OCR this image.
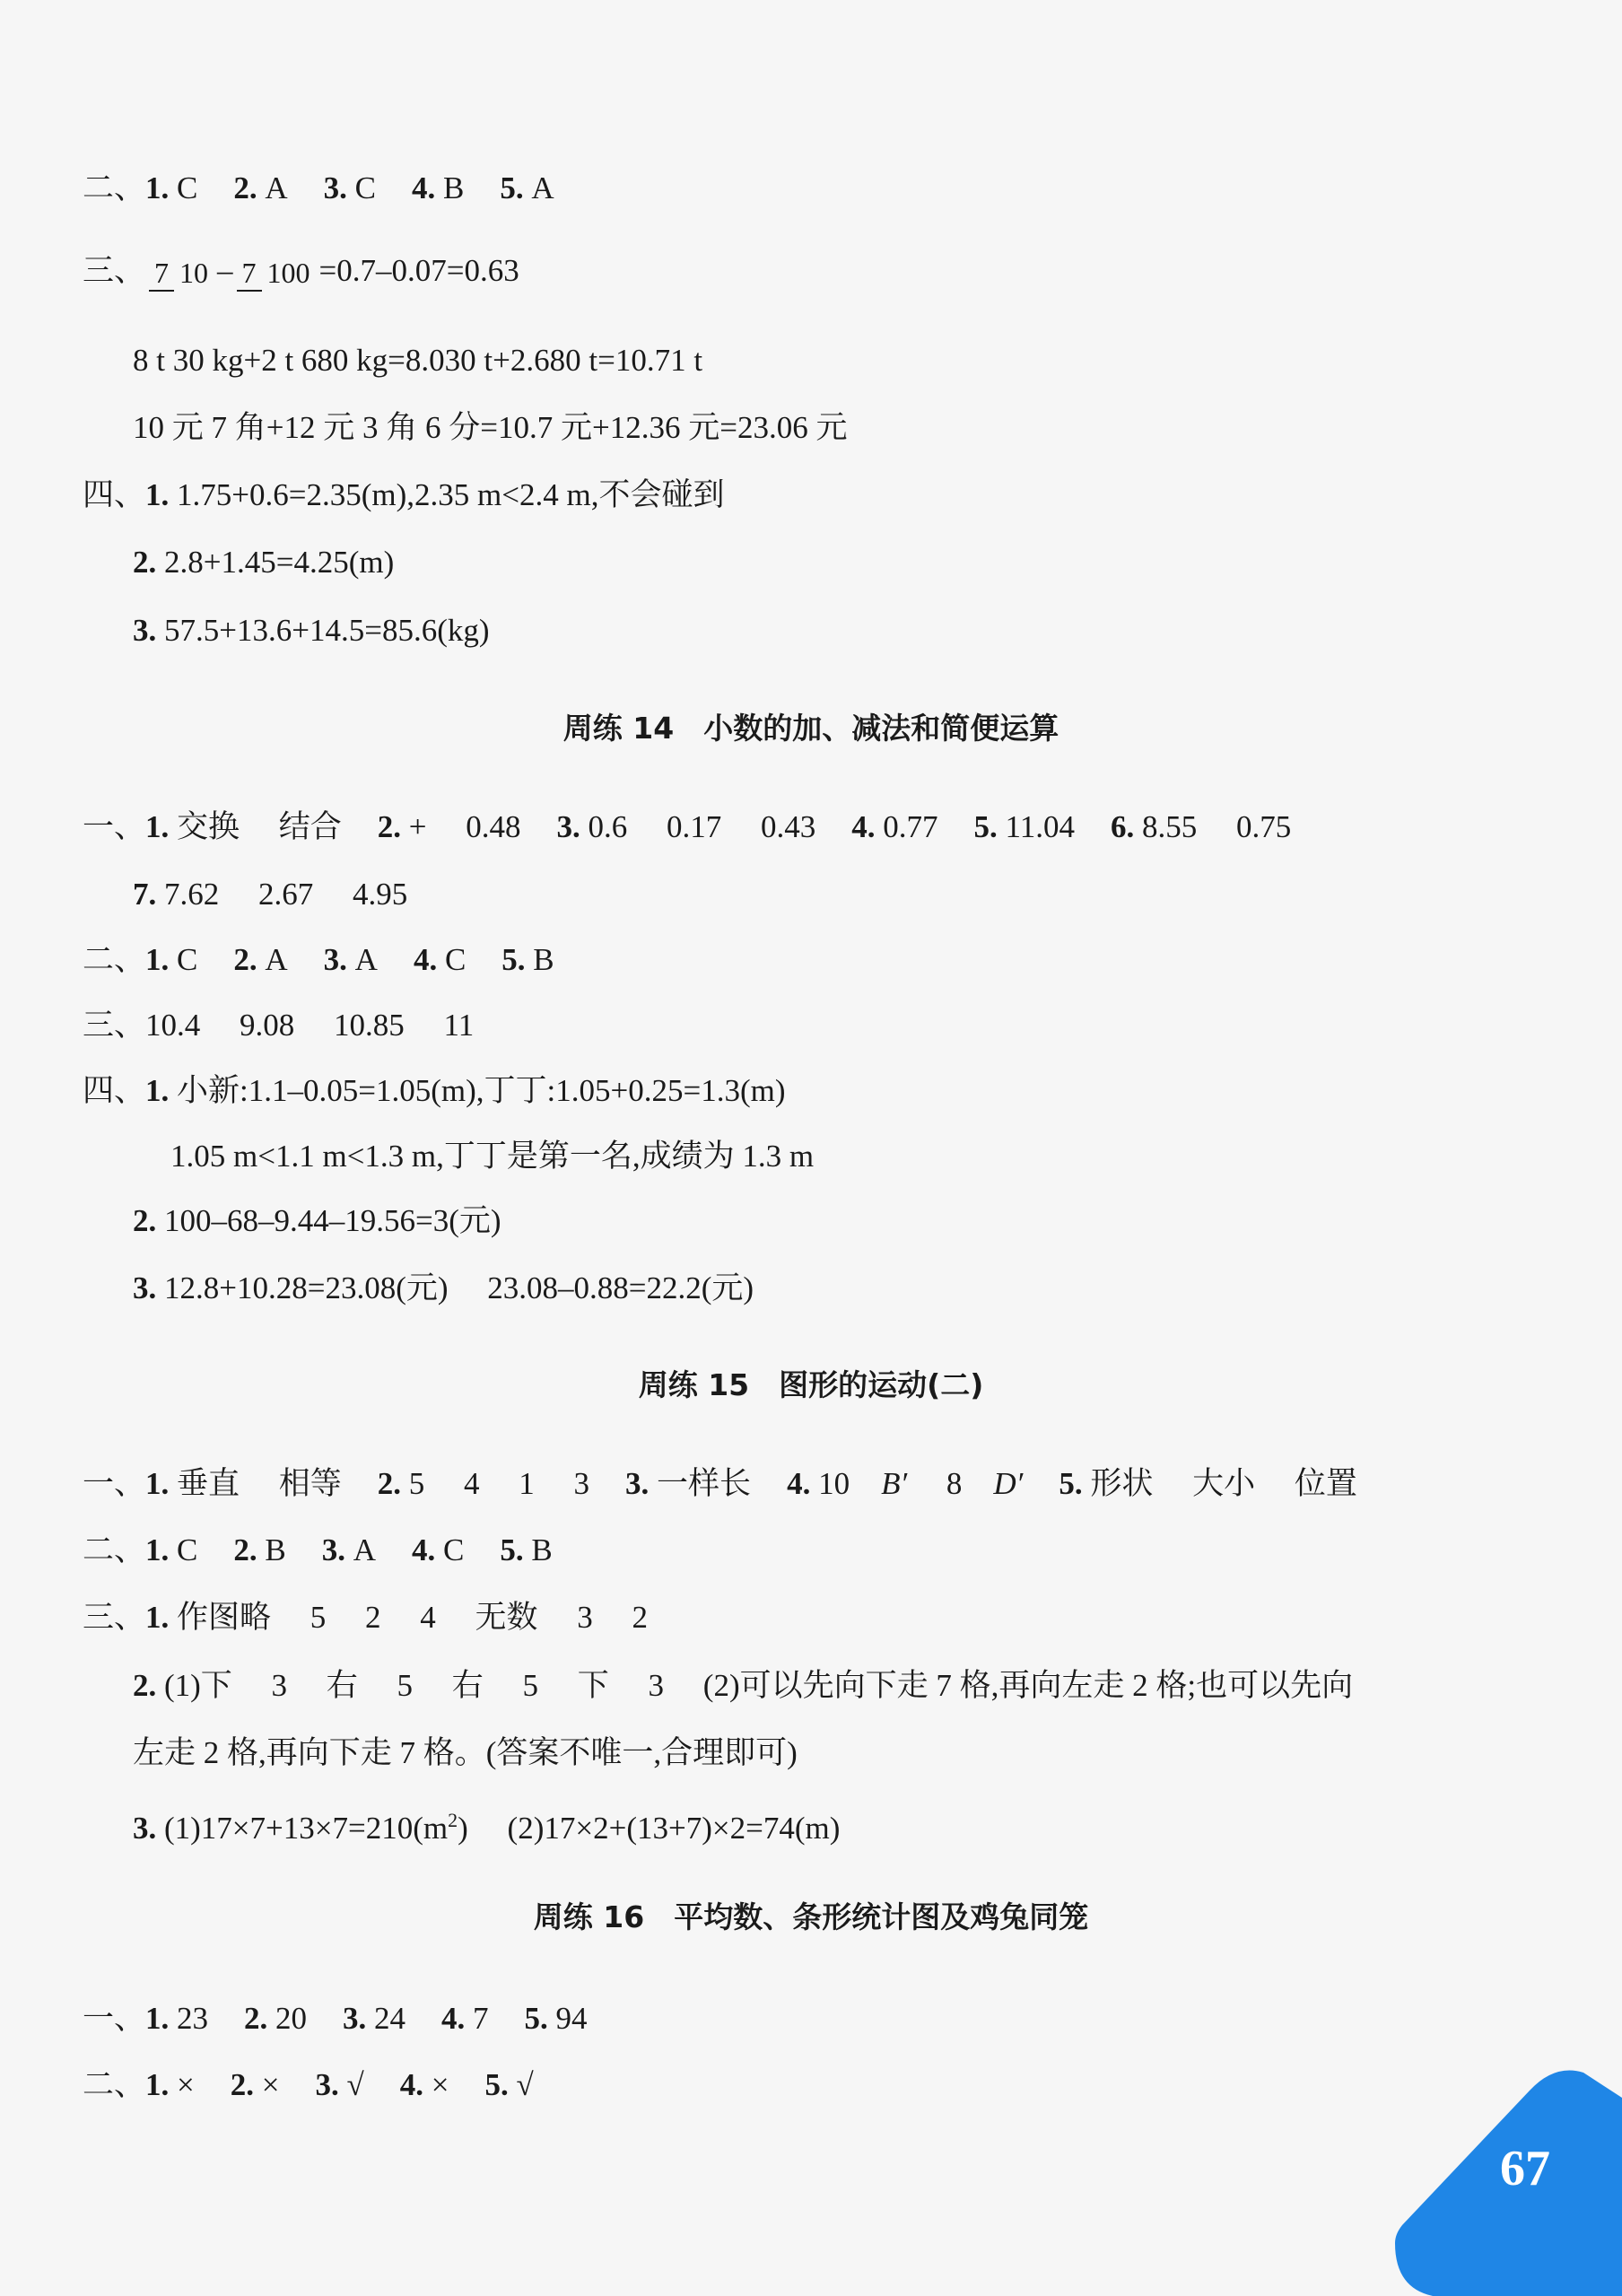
二、1. C 2. A 3. C 4. B 5. A
三、 7 10 – 7 100 =0.7–0.07=0.63
8 t 30 kg+2 t 680 kg=8.030 t+2.680 t=10.71 t
10 元 7 角+12 元 3 角 6 分=10.7 元+12.36 元=23.06 元
四、1. 1.75+0.6=2.35(m),2.35 m<2.4 m,不会碰到
2. 2.8+1.45=4.25(m)
3. 57.5+13.6+14.5=85.6(kg)
周练 14　小数的加、减法和简便运算
一、1. 交换　 结合 2. +　 0.48 3. 0.6　 0.17　 0.43 4. 0.77 5. 11.04 6. 8.55　 0.75
7. 7.62　 2.67　 4.95
二、1. C 2. A 3. A 4. C 5. B
三、10.4　 9.08　 10.85　 11
四、1. 小新:1.1–0.05=1.05(m),丁丁:1.05+0.25=1.3(m)
1.05 m<1.1 m<1.3 m,丁丁是第一名,成绩为 1.3 m
2. 100–68–9.44–19.56=3(元)
3. 12.8+10.28=23.08(元)　 23.08–0.88=22.2(元)
周练 15　图形的运动(二)
一、1. 垂直　 相等 2. 5　 4　 1　 3 3. 一样长 4. 10　B′　 8　D′ 5. 形状　 大小　 位置
二、1. C 2. B 3. A 4. C 5. B
三、1. 作图略　 5　 2　 4　 无数　 3　 2
2. (1)下　 3　 右　 5　 右　 5　 下　 3　 (2)可以先向下走 7 格,再向左走 2 格;也可以先向
左走 2 格,再向下走 7 格。(答案不唯一,合理即可)
3. (1)17×7+13×7=210(m2)　 (2)17×2+(13+7)×2=74(m)
周练 16　平均数、条形统计图及鸡兔同笼
一、1. 23 2. 20 3. 24 4. 7 5. 94
二、1. × 2. × 3. √ 4. × 5. √
67
